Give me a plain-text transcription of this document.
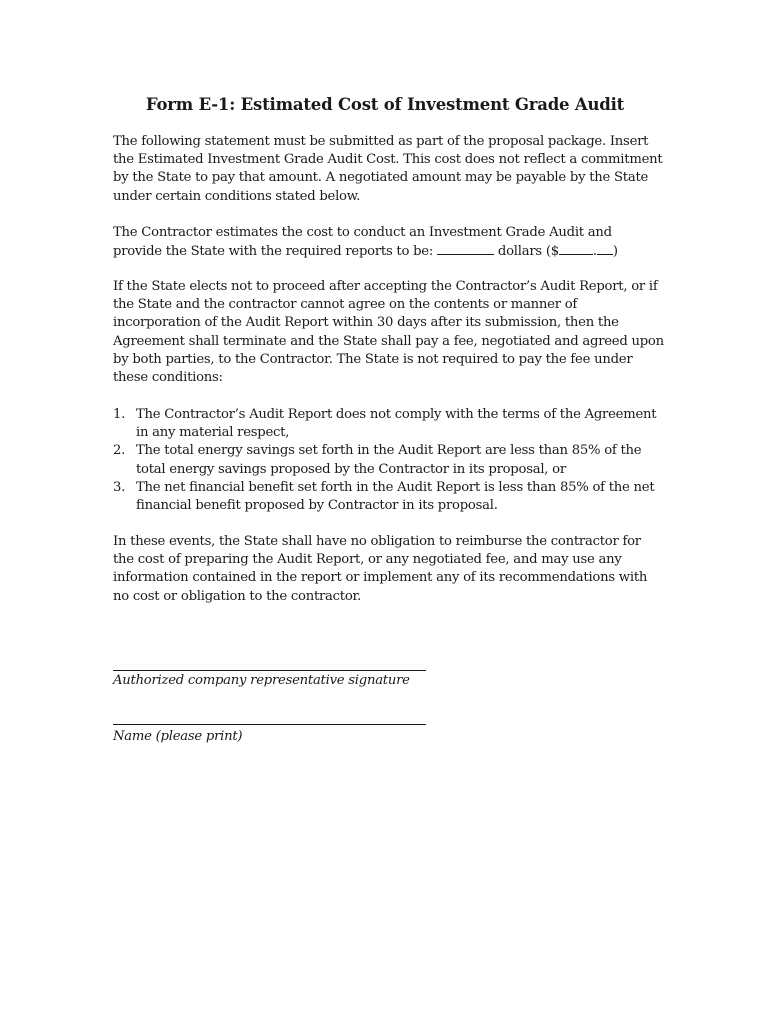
Form E-1: Estimated Cost of Investment Grade Audit
The following statement must be submitted as part of the proposal package. Insert
the Estimated Investment Grade Audit Cost. This cost does not reflect a commitment
by the State to pay that amount. A negotiated amount may be payable by the State
under certain conditions stated below.
The Contractor estimates the cost to conduct an Investment Grade Audit and
provide the State with the required reports to be:	dollars ($	. )
If the State elects not to proceed after accepting the Contractor’s Audit Report, or if
the State and the contractor cannot agree on the contents or manner of
incorporation of the Audit Report within 30 days after its submission, then the
Agreement shall terminate and the State shall pay a fee, negotiated and agreed upon
by both parties, to the Contractor. The State is not required to pay the fee under
these conditions:
1. The Contractor’s Audit Report does not comply with the terms of the Agreement
in any material respect,
2. The total energy savings set forth in the Audit Report are less than 85% of the
total energy savings proposed by the Contractor in its proposal, or
3. The net financial benefit set forth in the Audit Report is less than 85% of the net
financial benefit proposed by Contractor in its proposal.
In these events, the State shall have no obligation to reimburse the contractor for
the cost of preparing the Audit Report, or any negotiated fee, and may use any
information contained in the report or implement any of its recommendations with
no cost or obligation to the contractor.
Authorized company representative signature
Name (please print)
